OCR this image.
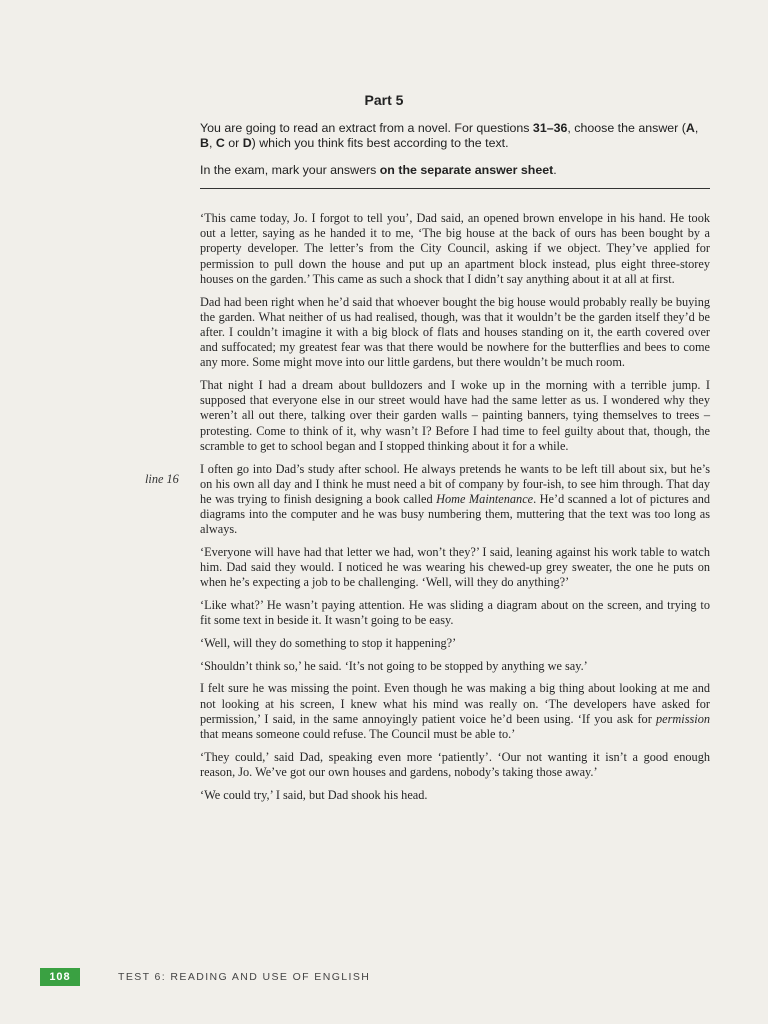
Part 5

You are going to read an extract from a novel. For questions 31–36, choose the answer (A, B, C or D) which you think fits best according to the text.

In the exam, mark your answers on the separate answer sheet.

line 16

‘This came today, Jo. I forgot to tell you’, Dad said, an opened brown envelope in his hand. He took out a letter, saying as he handed it to me, ‘The big house at the back of ours has been bought by a property developer. The letter’s from the City Council, asking if we object. They’ve applied for permission to pull down the house and put up an apartment block instead, plus eight three-storey houses on the garden.’ This came as such a shock that I didn’t say anything about it at all at first.

Dad had been right when he’d said that whoever bought the big house would probably really be buying the garden. What neither of us had realised, though, was that it wouldn’t be the garden itself they’d be after. I couldn’t imagine it with a big block of flats and houses standing on it, the earth covered over and suffocated; my greatest fear was that there would be nowhere for the butterflies and bees to come any more. Some might move into our little gardens, but there wouldn’t be much room.

That night I had a dream about bulldozers and I woke up in the morning with a terrible jump. I supposed that everyone else in our street would have had the same letter as us. I wondered why they weren’t all out there, talking over their garden walls – painting banners, tying themselves to trees – protesting. Come to think of it, why wasn’t I? Before I had time to feel guilty about that, though, the scramble to get to school began and I stopped thinking about it for a while.

I often go into Dad’s study after school. He always pretends he wants to be left till about six, but he’s on his own all day and I think he must need a bit of company by four-ish, to see him through. That day he was trying to finish designing a book called Home Maintenance. He’d scanned a lot of pictures and diagrams into the computer and he was busy numbering them, muttering that the text was too long as always.

‘Everyone will have had that letter we had, won’t they?’ I said, leaning against his work table to watch him. Dad said they would. I noticed he was wearing his chewed-up grey sweater, the one he puts on when he’s expecting a job to be challenging. ‘Well, will they do anything?’

‘Like what?’ He wasn’t paying attention. He was sliding a diagram about on the screen, and trying to fit some text in beside it. It wasn’t going to be easy.

‘Well, will they do something to stop it happening?’

‘Shouldn’t think so,’ he said. ‘It’s not going to be stopped by anything we say.’

I felt sure he was missing the point. Even though he was making a big thing about looking at me and not looking at his screen, I knew what his mind was really on. ‘The developers have asked for permission,’ I said, in the same annoyingly patient voice he’d been using. ‘If you ask for permission that means someone could refuse. The Council must be able to.’

‘They could,’ said Dad, speaking even more ‘patiently’. ‘Our not wanting it isn’t a good enough reason, Jo. We’ve got our own houses and gardens, nobody’s taking those away.’

‘We could try,’ I said, but Dad shook his head.

108	TEST 6: READING AND USE OF ENGLISH
